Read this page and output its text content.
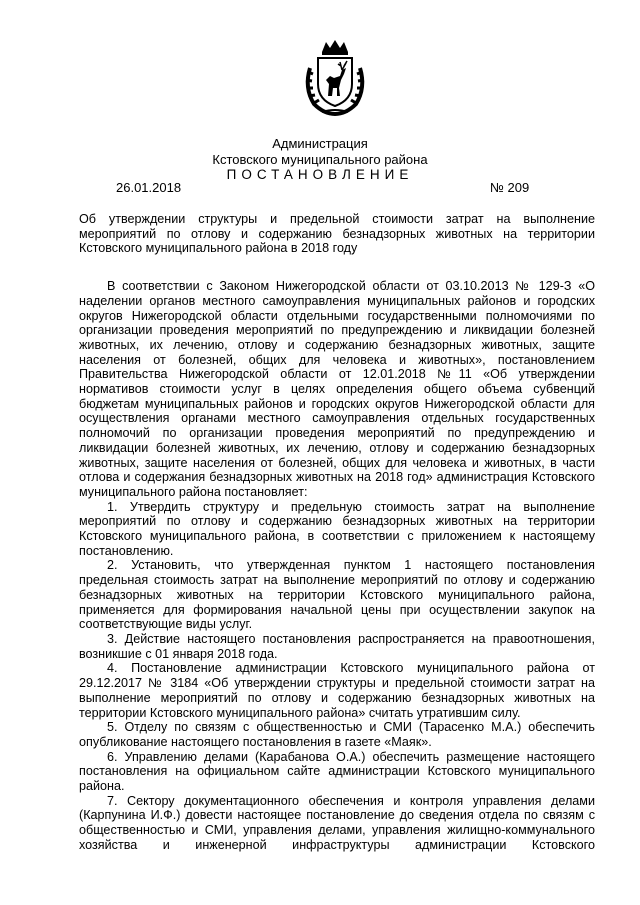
Администрация
Кстовского муниципального района
ПОСТАНОВЛЕНИЕ
26.01.2018	№ 209

Об утверждении структуры и предельной стоимости затрат на выполнение мероприятий по отлову и содержанию безнадзорных животных на территории Кстовского муниципального района в 2018 году

В соответствии с Законом Нижегородской области от 03.10.2013 № 129-З «О наделении органов местного самоуправления муниципальных районов и городских округов Нижегородской области отдельными государственными полномочиями по организации проведения мероприятий по предупреждению и ликвидации болезней животных, их лечению, отлову и содержанию безнадзорных животных, защите населения от болезней, общих для человека и животных», постановлением Правительства Нижегородской области от 12.01.2018 №11 «Об утверждении нормативов стоимости услуг в целях определения общего объема субвенций бюджетам муниципальных районов и городских округов Нижегородской области для осуществления органами местного самоуправления отдельных государственных полномочий по организации проведения мероприятий по предупреждению и ликвидации болезней животных, их лечению, отлову и содержанию безнадзорных животных, защите населения от болезней, общих для человека и животных, в части отлова и содержания безнадзорных животных на 2018 год» администрация Кстовского муниципального района постановляет:

1. Утвердить структуру и предельную стоимость затрат на выполнение мероприятий по отлову и содержанию безнадзорных животных на территории Кстовского муниципального района, в соответствии с приложением к настоящему постановлению.

2. Установить, что утвержденная пунктом 1 настоящего постановления предельная стоимость затрат на выполнение мероприятий по отлову и содержанию безнадзорных животных на территории Кстовского муниципального района, применяется для формирования начальной цены при осуществлении закупок на соответствующие виды услуг.

3. Действие настоящего постановления распространяется на правоотношения, возникшие с 01 января 2018 года.

4. Постановление администрации Кстовского муниципального района от 29.12.2017 № 3184 «Об утверждении структуры и предельной стоимости затрат на выполнение мероприятий по отлову и содержанию безнадзорных животных на территории Кстовского муниципального района» считать утратившим силу.

5. Отделу по связям с общественностью и СМИ (Тарасенко М.А.) обеспечить опубликование настоящего постановления в газете «Маяк».

6. Управлению делами (Карабанова О.А.) обеспечить размещение настоящего постановления на официальном сайте администрации Кстовского муниципального района.

7. Сектору документационного обеспечения и контроля управления делами (Карпунина И.Ф.) довести настоящее постановление до сведения отдела по связям с общественностью и СМИ, управления делами, управления жилищно-коммунального хозяйства и инженерной инфраструктуры администрации Кстовского
